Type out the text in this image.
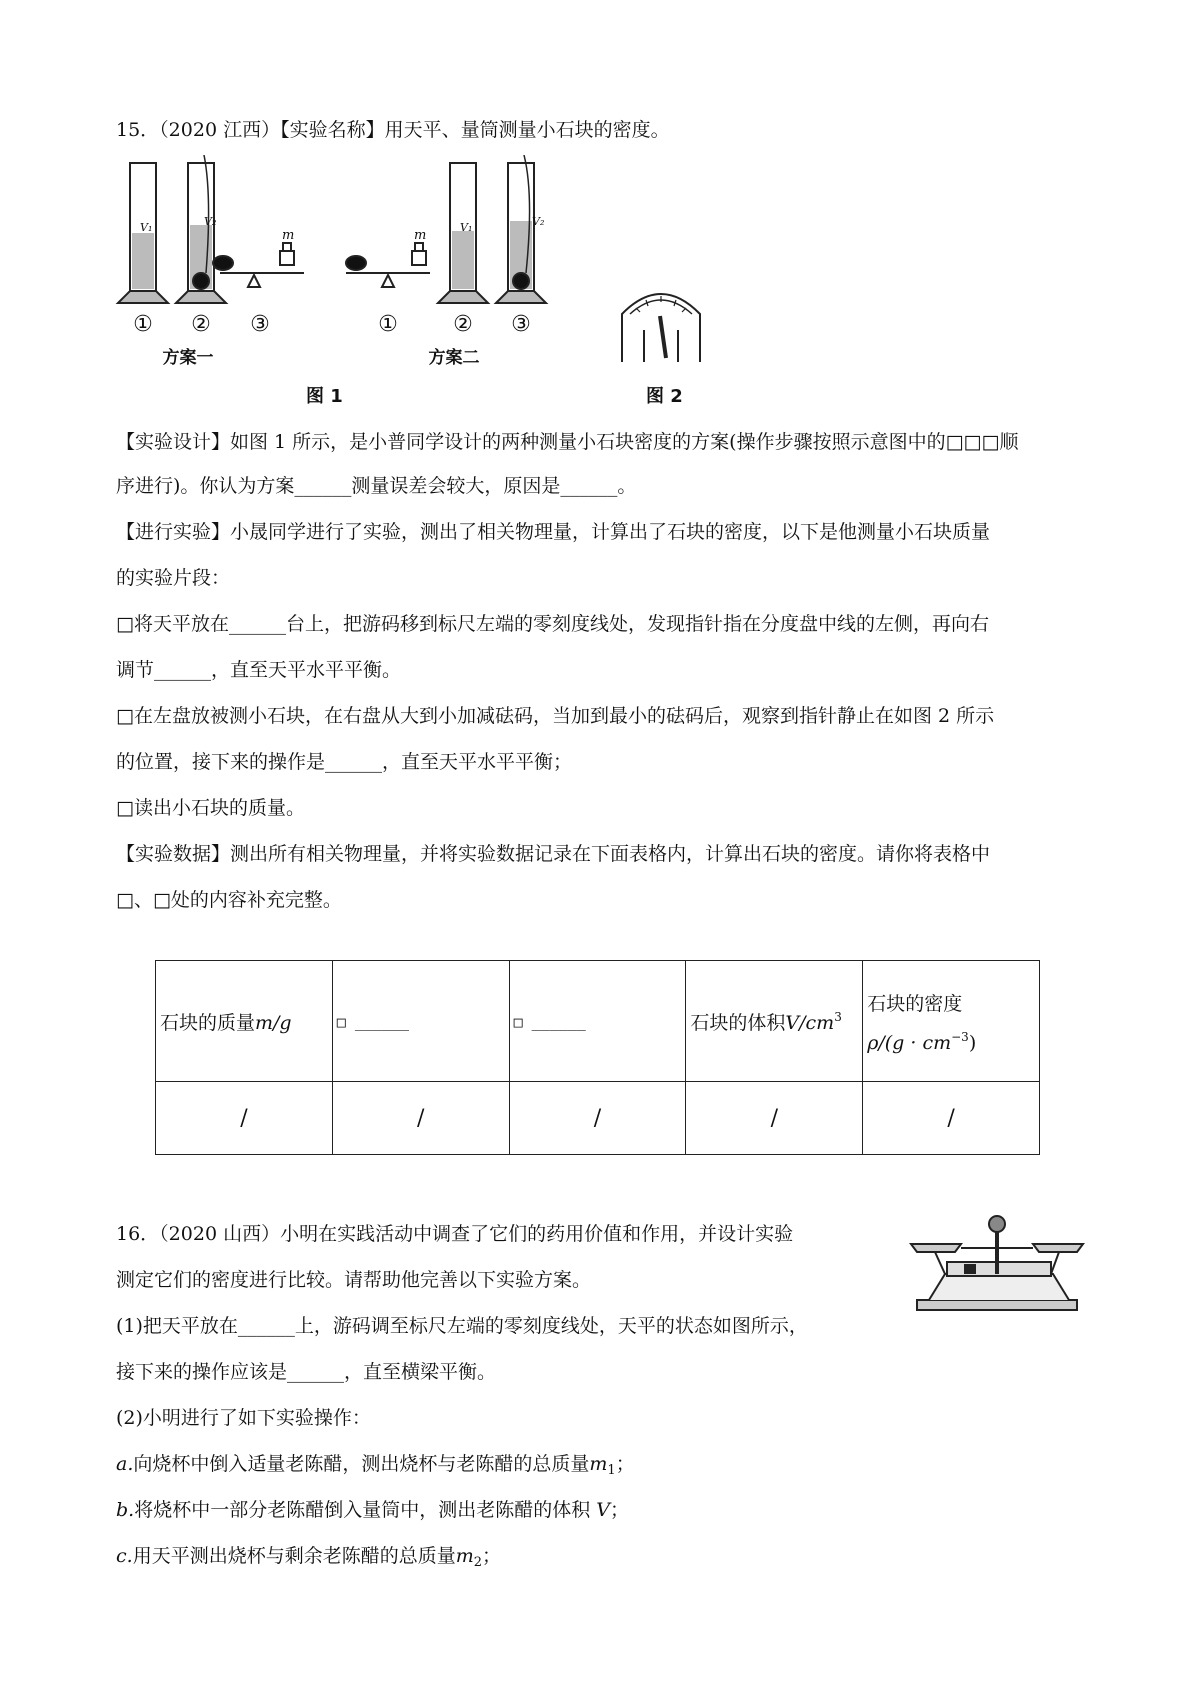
15．（2020 江西）【实验名称】用天平、量筒测量小石块的密度。
V₁	V₂
m	m
V₁	V₂
① ② ③	①	② ③
方案一	方案二
图 1	图 2
【实验设计】如图 1 所示，是小普同学设计的两种测量小石块密度的方案(操作步骤按照示意图中的□□□顺
序进行)。你认为方案______测量误差会较大，原因是______。
【进行实验】小晟同学进行了实验，测出了相关物理量，计算出了石块的密度，以下是他测量小石块质量
的实验片段：
□将天平放在______台上，把游码移到标尺左端的零刻度线处，发现指针指在分度盘中线的左侧，再向右
调节______，直至天平水平平衡。
□在左盘放被测小石块，在右盘从大到小加减砝码，当加到最小的砝码后，观察到指针静止在如图 2 所示
的位置，接下来的操作是______，直至天平水平平衡；
□读出小石块的质量。
【实验数据】测出所有相关物理量，并将实验数据记录在下面表格内，计算出石块的密度。请你将表格中
□、□处的内容补充完整。
石块的质量m/g	□ ______	□ ______	石块的体积$V/cm^3$	石块的密度
$\rho/(g \cdot cm^{-3})$

/	/	/	/	/
16．（2020 山西）小明在实践活动中调查了它们的药用价值和作用，并设计实验
测定它们的密度进行比较。请帮助他完善以下实验方案。
(1)把天平放在______上，游码调至标尺左端的零刻度线处，天平的状态如图所示，
接下来的操作应该是______，直至横梁平衡。
(2)小明进行了如下实验操作：
a.向烧杯中倒入适量老陈醋，测出烧杯与老陈醋的总质量$m_1$；
b.将烧杯中一部分老陈醋倒入量筒中，测出老陈醋的体积 V；
c.用天平测出烧杯与剩余老陈醋的总质量$m_2$；
